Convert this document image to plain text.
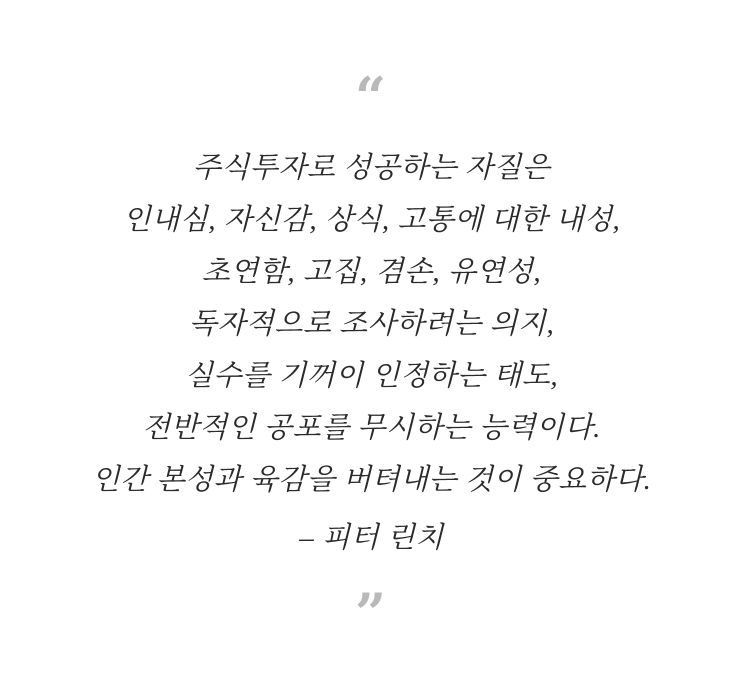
“
주식투자로 성공하는 자질은
인내심, 자신감, 상식, 고통에 대한 내성,
초연함, 고집, 겸손, 유연성,
독자적으로 조사하려는 의지,
실수를 기꺼이 인정하는 태도,
전반적인 공포를 무시하는 능력이다.
인간 본성과 육감을 버텨내는 것이 중요하다.
– 피터 린치
”
